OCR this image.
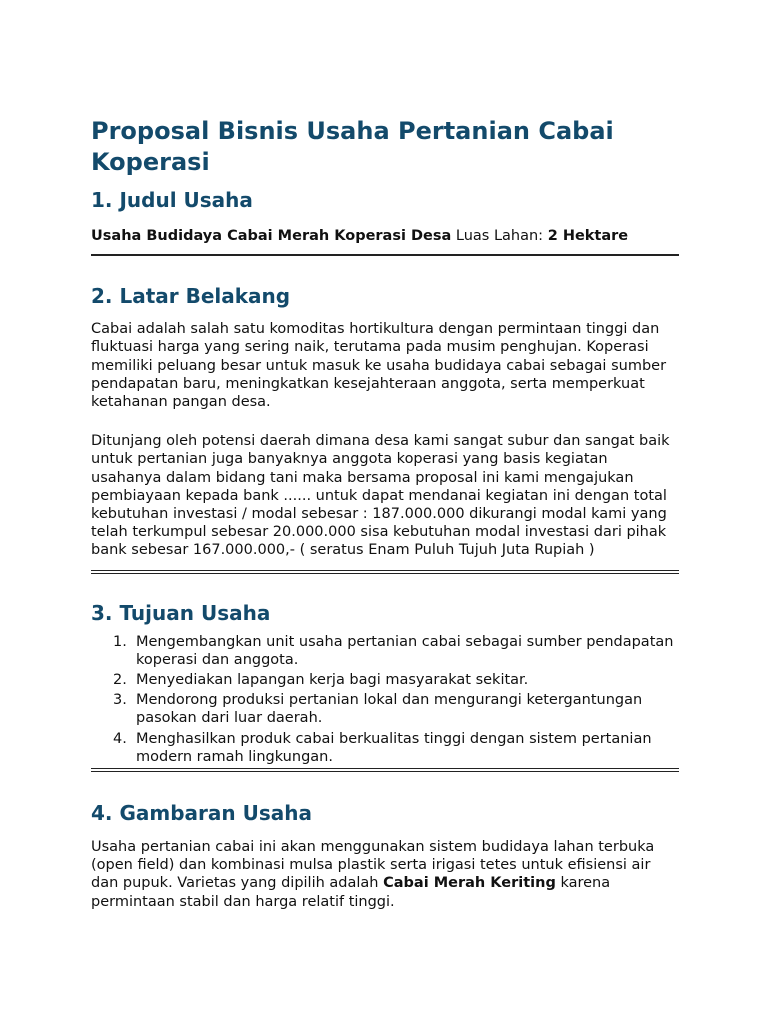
Proposal Bisnis Usaha Pertanian Cabai Koperasi
1. Judul Usaha

Usaha Budidaya Cabai Merah Koperasi Desa Luas Lahan: 2 Hektare

2. Latar Belakang

Cabai adalah salah satu komoditas hortikultura dengan permintaan tinggi dan fluktuasi harga yang sering naik, terutama pada musim penghujan. Koperasi memiliki peluang besar untuk masuk ke usaha budidaya cabai sebagai sumber pendapatan baru, meningkatkan kesejahteraan anggota, serta memperkuat ketahanan pangan desa.

Ditunjang oleh potensi daerah dimana desa kami sangat subur dan sangat baik untuk pertanian juga banyaknya anggota koperasi yang basis kegiatan usahanya dalam bidang tani maka bersama proposal ini kami mengajukan pembiayaan kepada bank ...... untuk dapat mendanai kegiatan ini dengan total kebutuhan investasi / modal sebesar : 187.000.000 dikurangi modal kami yang telah terkumpul sebesar 20.000.000 sisa kebutuhan modal investasi dari pihak bank sebesar 167.000.000,- ( seratus Enam Puluh Tujuh Juta Rupiah )

3. Tujuan Usaha
1. Mengembangkan unit usaha pertanian cabai sebagai sumber pendapatan koperasi dan anggota.
2. Menyediakan lapangan kerja bagi masyarakat sekitar.
3. Mendorong produksi pertanian lokal dan mengurangi ketergantungan pasokan dari luar daerah.
4. Menghasilkan produk cabai berkualitas tinggi dengan sistem pertanian modern ramah lingkungan.
4. Gambaran Usaha

Usaha pertanian cabai ini akan menggunakan sistem budidaya lahan terbuka (open field) dan kombinasi mulsa plastik serta irigasi tetes untuk efisiensi air dan pupuk. Varietas yang dipilih adalah Cabai Merah Keriting karena permintaan stabil dan harga relatif tinggi.
